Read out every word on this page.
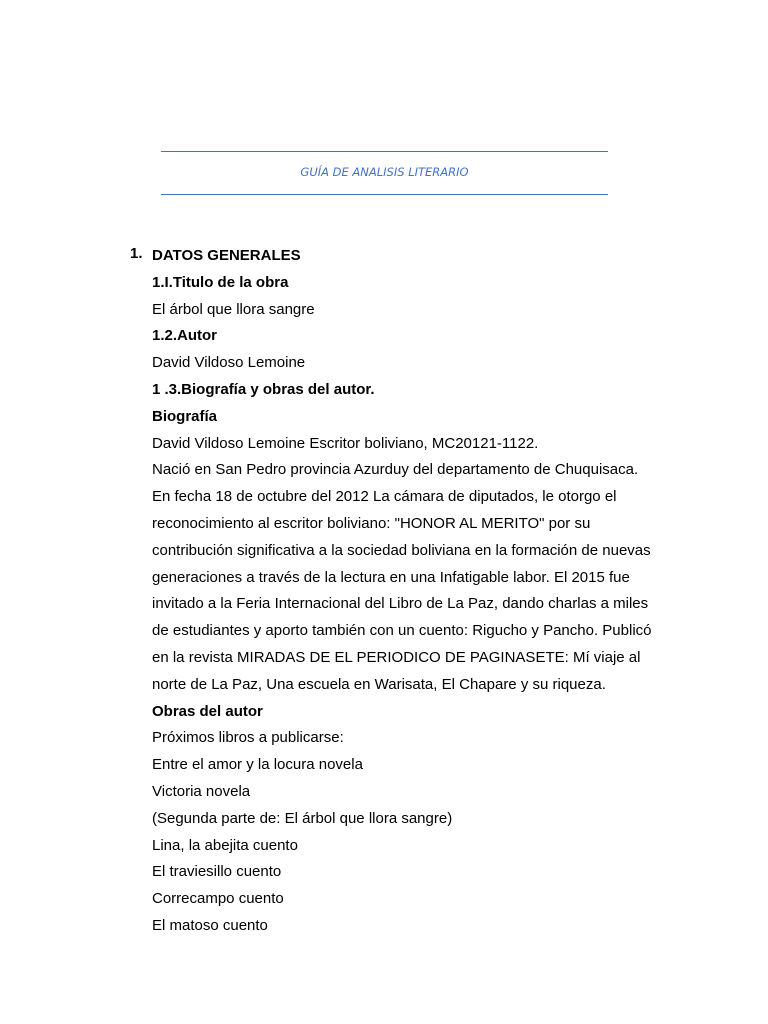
GUÍA DE ANALISIS LITERARIO
1. DATOS GENERALES
1.I.Titulo de la obra
El árbol que llora sangre
1.2.Autor
David Vildoso Lemoine
1 .3.Biografía y obras del autor.
Biografía
David Vildoso Lemoine Escritor boliviano, MC20121-1122.
Nació en San Pedro provincia Azurduy del departamento de Chuquisaca.
En fecha 18 de octubre del 2012 La cámara de diputados, le otorgo el
reconocimiento al escritor boliviano: "HONOR AL MERITO" por su
contribución significativa a la sociedad boliviana en la formación de nuevas
generaciones a través de la lectura en una Infatigable labor. El 2015 fue
invitado a la Feria Internacional del Libro de La Paz, dando charlas a miles
de estudiantes y aporto también con un cuento: Rigucho y Pancho. Publicó
en la revista MIRADAS DE EL PERIODICO DE PAGINASETE: Mí viaje al
norte de La Paz, Una escuela en Warisata, El Chapare y su riqueza.
Obras del autor
Próximos libros a publicarse:
Entre el amor y la locura novela
Victoria novela
(Segunda parte de: El árbol que llora sangre)
Lina, la abejita cuento
El traviesillo cuento
Correcampo cuento
El matoso cuento
